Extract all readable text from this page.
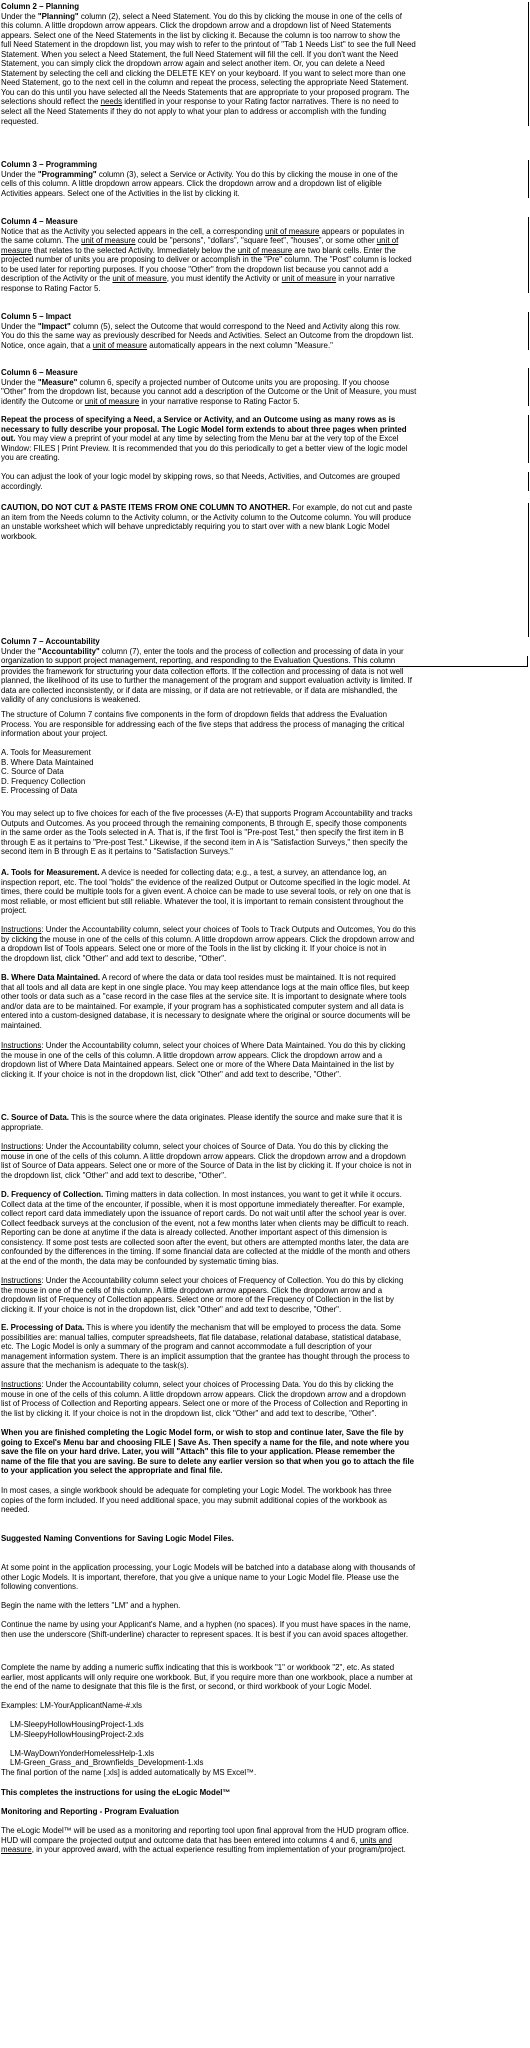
Column 2 – Planning

Under the "Planning" column (2), select a Need Statement. You do this by clicking the mouse in one of the cells of

this column. A little dropdown arrow appears. Click the dropdown arrow and a dropdown list of Need Statements

appears. Select one of the Need Statements in the list by clicking it. Because the column is too narrow to show the

full Need Statement in the dropdown list, you may wish to refer to the printout of "Tab 1 Needs List" to see the full Need

Statement. When you select a Need Statement, the full Need Statement will fill the cell. If you don't want the Need

Statement, you can simply click the dropdown arrow again and select another item. Or, you can delete a Need

Statement by selecting the cell and clicking the DELETE KEY on your keyboard. If you want to select more than one

Need Statement, go to the next cell in the column and repeat the process, selecting the appropriate Need Statement.

You can do this until you have selected all the Needs Statements that are appropriate to your proposed program. The

selections should reflect the needs identified in your response to your Rating factor narratives. There is no need to

select all the Need Statements if they do not apply to what your plan to address or accomplish with the funding

requested.

Column 3 – Programming

Under the "Programming" column (3), select a Service or Activity. You do this by clicking the mouse in one of the

cells of this column. A little dropdown arrow appears. Click the dropdown arrow and a dropdown list of eligible

Activities appears. Select one of the Activities in the list by clicking it.

Column 4 – Measure

Notice that as the Activity you selected appears in the cell, a corresponding unit of measure appears or populates in

the same column. The unit of measure could be "persons", "dollars", "square feet", "houses", or some other unit of

measure that relates to the selected Activity. Immediately below the unit of measure are two blank cells. Enter the

projected number of units you are proposing to deliver or accomplish in the "Pre" column. The "Post" column is locked

to be used later for reporting purposes. If you choose "Other" from the dropdown list because you cannot add a

description of the Activity or the unit of measure, you must identify the Activity or unit of measure in your narrative

response to Rating Factor 5.

Column 5 – Impact

Under the "Impact" column (5), select the Outcome that would correspond to the Need and Activity along this row.

You do this the same way as previously described for Needs and Activities. Select an Outcome from the dropdown list.

Notice, once again, that a unit of measure automatically appears in the next column "Measure."

Column 6 – Measure

Under the "Measure" column 6, specify a projected number of Outcome units you are proposing. If you choose

"Other" from the dropdown list, because you cannot add a description of the Outcome or the Unit of Measure, you must

identify the Outcome or unit of measure in your narrative response to Rating Factor 5.

Repeat the process of specifying a Need, a Service or Activity, and an Outcome using as many rows as is

necessary to fully describe your proposal. The Logic Model form extends to about three pages when printed

out. You may view a preprint of your model at any time by selecting from the Menu bar at the very top of the Excel

Window: FILES | Print Preview. It is recommended that you do this periodically to get a better view of the logic model

you are creating.

You can adjust the look of your logic model by skipping rows, so that Needs, Activities, and Outcomes are grouped

accordingly.

CAUTION, DO NOT CUT & PASTE ITEMS FROM ONE COLUMN TO ANOTHER. For example, do not cut and paste

an item from the Needs column to the Activity column, or the Activity column to the Outcome column. You will produce

an unstable worksheet which will behave unpredictably requiring you to start over with a new blank Logic Model

workbook.

Column 7 – Accountability

Under the "Accountability" column (7), enter the tools and the process of collection and processing of data in your

organization to support project management, reporting, and responding to the Evaluation Questions. This column

provides the framework for structuring your data collection efforts. If the collection and processing of data is not well

planned, the likelihood of its use to further the management of the program and support evaluation activity is limited. If

data are collected inconsistently, or if data are missing, or if data are not retrievable, or if data are mishandled, the

validity of any conclusions is weakened.

The structure of Column 7 contains five components in the form of dropdown fields that address the Evaluation

Process. You are responsible for addressing each of the five steps that address the process of managing the critical

information about your project.

A. Tools for Measurement
B. Where Data Maintained
C. Source of Data
D. Frequency Collection
E. Processing of Data

You may select up to five choices for each of the five processes (A-E) that supports Program Accountability and tracks

Outputs and Outcomes. As you proceed through the remaining components, B through E, specify those components

in the same order as the Tools selected in A. That is, if the first Tool is "Pre-post Test," then specify the first item in B

through E as it pertains to "Pre-post Test." Likewise, if the second item in A is "Satisfaction Surveys," then specify the

second item in B through E as it pertains to "Satisfaction Surveys."

A. Tools for Measurement. A device is needed for collecting data; e.g., a test, a survey, an attendance log, an

inspection report, etc. The tool "holds" the evidence of the realized Output or Outcome specified in the logic model. At

times, there could be multiple tools for a given event. A choice can be made to use several tools, or rely on one that is

most reliable, or most efficient but still reliable. Whatever the tool, it is important to remain consistent throughout the

project.

Instructions: Under the Accountability column, select your choices of Tools to Track Outputs and Outcomes, You do this

by clicking the mouse in one of the cells of this column. A little dropdown arrow appears. Click the dropdown arrow and

a dropdown list of Tools appears. Select one or more of the Tools in the list by clicking it. If your choice is not in

the dropdown list, click "Other" and add text to describe, "Other".

B. Where Data Maintained. A record of where the data or data tool resides must be maintained. It is not required

that all tools and all data are kept in one single place. You may keep attendance logs at the main office files, but keep

other tools or data such as a "case record in the case files at the service site. It is important to designate where tools

and/or data are to be maintained. For example, if your program has a sophisticated computer system and all data is

entered into a custom-designed database, it is necessary to designate where the original or source documents will be

maintained.

Instructions: Under the Accountability column, select your choices of Where Data Maintained. You do this by clicking

the mouse in one of the cells of this column. A little dropdown arrow appears. Click the dropdown arrow and a

dropdown list of Where Data Maintained appears. Select one or more of the Where Data Maintained in the list by

clicking it. If your choice is not in the dropdown list, click "Other" and add text to describe, "Other".

C. Source of Data. This is the source where the data originates. Please identify the source and make sure that it is

appropriate.

Instructions: Under the Accountability column, select your choices of Source of Data. You do this by clicking the

mouse in one of the cells of this column. A little dropdown arrow appears. Click the dropdown arrow and a dropdown

list of Source of Data appears. Select one or more of the Source of Data in the list by clicking it. If your choice is not in

the dropdown list, click "Other" and add text to describe, "Other".

D. Frequency of Collection. Timing matters in data collection. In most instances, you want to get it while it occurs.

Collect data at the time of the encounter, if possible, when it is most opportune immediately thereafter. For example,

collect report card data immediately upon the issuance of report cards. Do not wait until after the school year is over.

Collect feedback surveys at the conclusion of the event, not a few months later when clients may be difficult to reach.

Reporting can be done at anytime if the data is already collected. Another important aspect of this dimension is

consistency. If some post tests are collected soon after the event, but others are attempted months later, the data are

confounded by the differences in the timing. If some financial data are collected at the middle of the month and others

at the end of the month, the data may be confounded by systematic timing bias.

Instructions: Under the Accountability column select your choices of Frequency of Collection. You do this by clicking

the mouse in one of the cells of this column. A little dropdown arrow appears. Click the dropdown arrow and a

dropdown list of Frequency of Collection appears. Select one or more of the Frequency of Collection in the list by

clicking it. If your choice is not in the dropdown list, click "Other" and add text to describe, "Other".

E. Processing of Data. This is where you identify the mechanism that will be employed to process the data. Some

possibilities are: manual tallies, computer spreadsheets, flat file database, relational database, statistical database,

etc. The Logic Model is only a summary of the program and cannot accommodate a full description of your

management information system. There is an implicit assumption that the grantee has thought through the process to

assure that the mechanism is adequate to the task(s).

Instructions: Under the Accountability column, select your choices of Processing Data. You do this by clicking the

mouse in one of the cells of this column. A little dropdown arrow appears. Click the dropdown arrow and a dropdown

list of Process of Collection and Reporting appears. Select one or more of the Process of Collection and Reporting in

the list by clicking it. If your choice is not in the dropdown list, click "Other" and add text to describe, "Other".

When you are finished completing the Logic Model form, or wish to stop and continue later, Save the file by

going to Excel's Menu bar and choosing FILE | Save As. Then specify a name for the file, and note where you

save the file on your hard drive. Later, you will "Attach" this file to your application. Please remember the

name of the file that you are saving. Be sure to delete any earlier version so that when you go to attach the file

to your application you select the appropriate and final file.

In most cases, a single workbook should be adequate for completing your Logic Model. The workbook has three

copies of the form included. If you need additional space, you may submit additional copies of the workbook as

needed.

Suggested Naming Conventions for Saving Logic Model Files.

At some point in the application processing, your Logic Models will be batched into a database along with thousands of

other Logic Models. It is important, therefore, that you give a unique name to your Logic Model file. Please use the

following conventions.

Begin the name with the letters "LM" and a hyphen.

Continue the name by using your Applicant's Name, and a hyphen (no spaces). If you must have spaces in the name,

then use the underscore (Shift-underline) character to represent spaces. It is best if you can avoid spaces altogether.

Complete the name by adding a numeric suffix indicating that this is workbook "1" or workbook "2", etc. As stated

earlier, most applicants will only require one workbook. But, if you require more than one workbook, place a number at

the end of the name to designate that this file is the first, or second, or third workbook of your Logic Model.

Examples: LM-YourApplicantName-#.xls

LM-SleepyHollowHousingProject-1.xls

LM-SleepyHollowHousingProject-2.xls

LM-WayDownYonderHomelessHelp-1.xls

LM-Green_Grass_and_Brownfields_Development-1.xls

The final portion of the name [.xls] is added automatically by MS Excel™.

This completes the instructions for using the eLogic Model™

Monitoring and Reporting - Program Evaluation

The eLogic Model™ will be used as a monitoring and reporting tool upon final approval from the HUD program office.

HUD will compare the projected output and outcome data that has been entered into columns 4 and 6, units and

measure, in your approved award, with the actual experience resulting from implementation of your program/project.
